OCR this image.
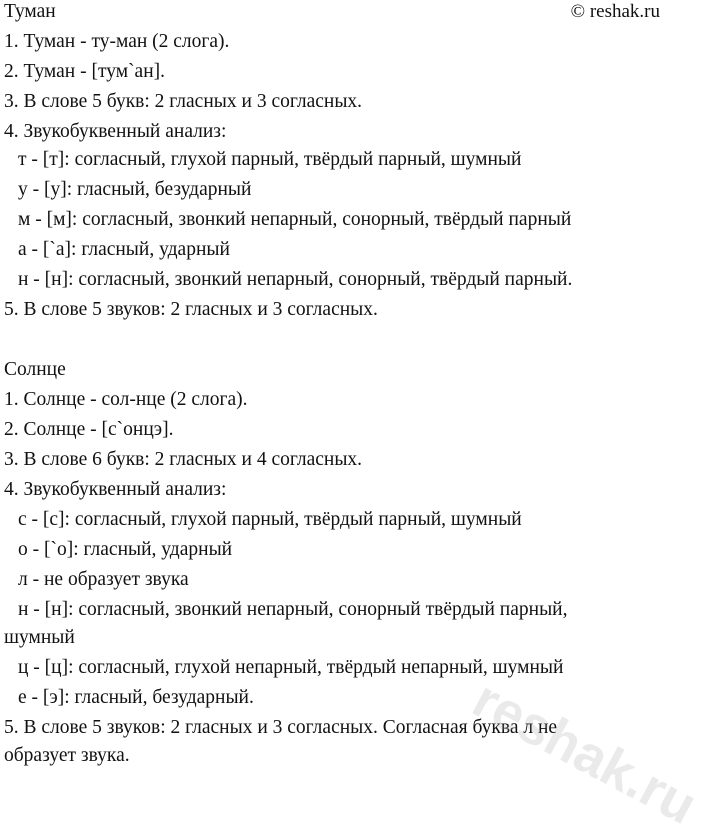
© reshak.ru
Туман
1. Туман - ту-ман (2 слога).
2. Туман - [тум`ан].
3. В слове 5 букв: 2 гласных и 3 согласных.
4. Звукобуквенный анализ:
т - [т]: согласный, глухой парный, твёрдый парный, шумный
у - [у]: гласный, безударный
м - [м]: согласный, звонкий непарный, сонорный, твёрдый парный
а - [`а]: гласный, ударный
н - [н]: согласный, звонкий непарный, сонорный, твёрдый парный.
5. В слове 5 звуков: 2 гласных и 3 согласных.
Солнце
1. Солнце - сол-нце (2 слога).
2. Солнце - [с`онцэ].
3. В слове 6 букв: 2 гласных и 4 согласных.
4. Звукобуквенный анализ:
с - [с]: согласный, глухой парный, твёрдый парный, шумный
о - [`о]: гласный, ударный
л - не образует звука
н - [н]: согласный, звонкий непарный, сонорный твёрдый парный,
шумный
ц - [ц]: согласный, глухой непарный, твёрдый непарный, шумный
е - [э]: гласный, безударный.
5. В слове 5 звуков: 2 гласных и 3 согласных. Согласная буква л не
образует звука.	reshak.ru
